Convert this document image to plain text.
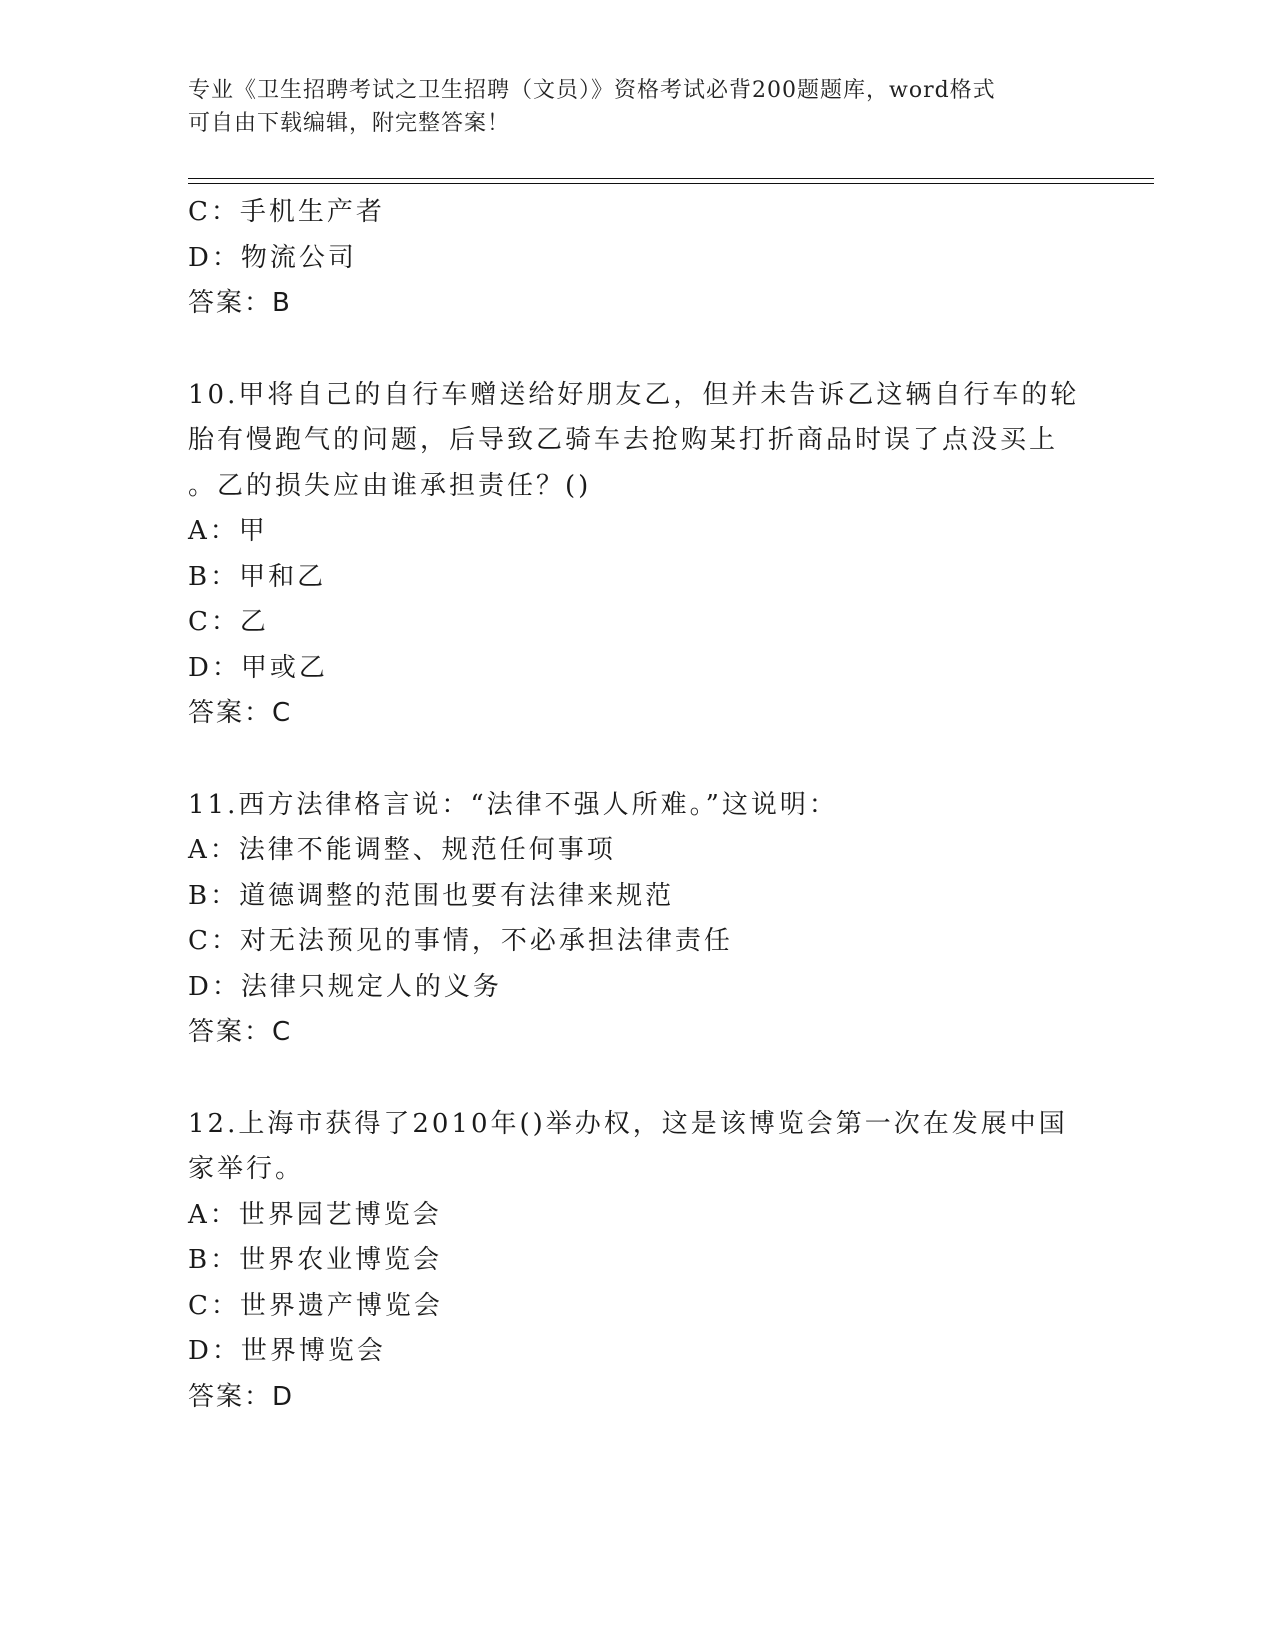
专业《卫生招聘考试之卫生招聘（文员）》资格考试必背200题题库，word格式
可自由下载编辑，附完整答案！
C：手机生产者
D：物流公司
答案：B
10.甲将自己的自行车赠送给好朋友乙，但并未告诉乙这辆自行车的轮
胎有慢跑气的问题，后导致乙骑车去抢购某打折商品时误了点没买上
。乙的损失应由谁承担责任？()
A：甲
B：甲和乙
C：乙
D：甲或乙
答案：C
11.西方法律格言说：“法律不强人所难。”这说明：
A：法律不能调整、规范任何事项
B：道德调整的范围也要有法律来规范
C：对无法预见的事情，不必承担法律责任
D：法律只规定人的义务
答案：C
12.上海市获得了2010年()举办权，这是该博览会第一次在发展中国
家举行。
A：世界园艺博览会
B：世界农业博览会
C：世界遗产博览会
D：世界博览会
答案：D
